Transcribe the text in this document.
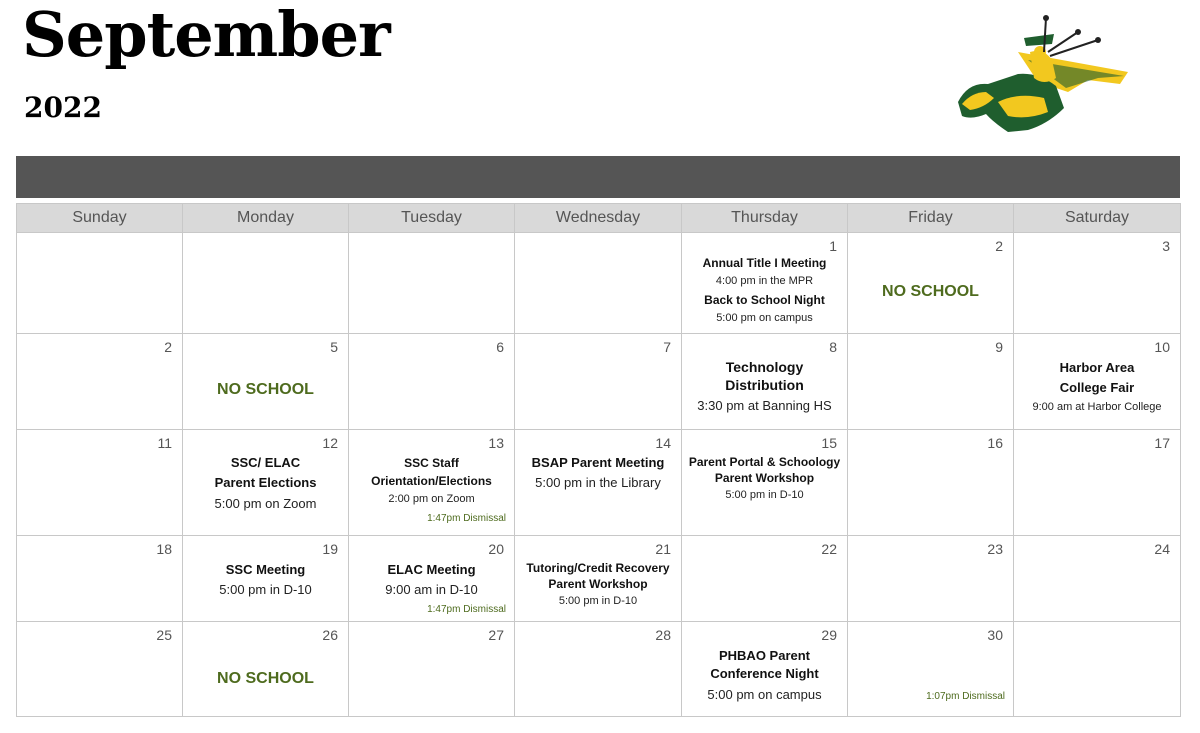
September
2022
Sunday	Monday	Tuesday	Wednesday	Thursday	Friday	Saturday

				1
Annual Title I Meeting
4:00 pm in the MPR
Back to School Night
5:00 pm on campus	2
NO SCHOOL	3

2	5
NO SCHOOL	6	7	8
Technology
Distribution
3:30 pm at Banning HS	9	10
Harbor Area
College Fair
9:00 am at Harbor College

11	12
SSC/ ELAC
Parent Elections
5:00 pm on Zoom	13
SSC Staff
Orientation/Elections
2:00 pm on Zoom
1:47pm Dismissal	14
BSAP Parent Meeting
5:00 pm in the Library	15
Parent Portal & Schoology
Parent Workshop
5:00 pm in D-10	16	17

18	19
SSC Meeting
5:00 pm in D-10	20
ELAC Meeting
9:00 am in D-10
1:47pm Dismissal	21
Tutoring/Credit Recovery
Parent Workshop
5:00 pm in D-10	22	23	24

25	26
NO SCHOOL	27	28	29
PHBAO Parent
Conference Night
5:00 pm on campus	30
1:07pm Dismissal	
